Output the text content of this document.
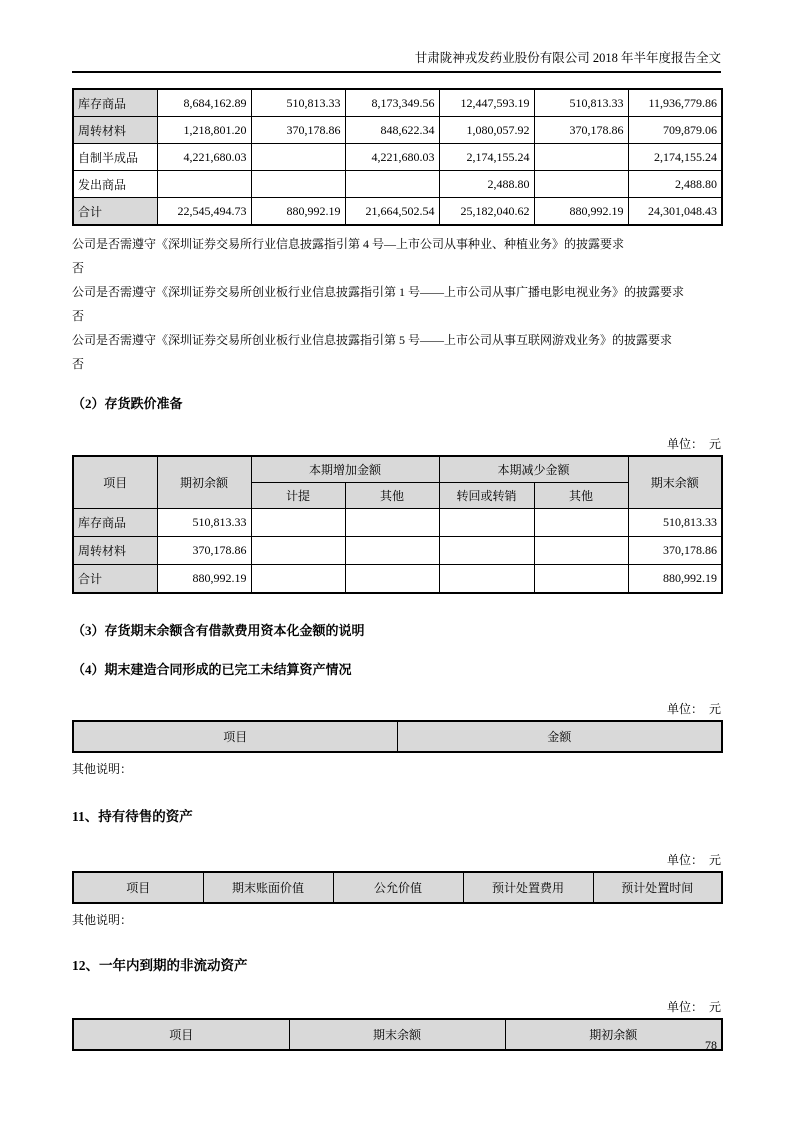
甘肃陇神戎发药业股份有限公司 2018 年半年度报告全文
库存商品	8,684,162.89	510,813.33	8,173,349.56	12,447,593.19	510,813.33	11,936,779.86
周转材料	1,218,801.20	370,178.86	848,622.34	1,080,057.92	370,178.86	709,879.06
自制半成品	4,221,680.03		4,221,680.03	2,174,155.24		2,174,155.24
发出商品				2,488.80		2,488.80
合计	22,545,494.73	880,992.19	21,664,502.54	25,182,040.62	880,992.19	24,301,048.43

公司是否需遵守《深圳证券交易所行业信息披露指引第 4 号—上市公司从事种业、种植业务》的披露要求

否

公司是否需遵守《深圳证券交易所创业板行业信息披露指引第 1 号——上市公司从事广播电影电视业务》的披露要求

否

公司是否需遵守《深圳证券交易所创业板行业信息披露指引第 5 号——上市公司从事互联网游戏业务》的披露要求

否

（2）存货跌价准备

单位：  元

项目	期初余额	本期增加金额		本期减少金额		期末余额
		计提	其他	转回或转销	其他	
库存商品	510,813.33					510,813.33
周转材料	370,178.86					370,178.86
合计	880,992.19					880,992.19

（3）存货期末余额含有借款费用资本化金额的说明

（4）期末建造合同形成的已完工未结算资产情况

单位：  元

项目	金额

其他说明：

11、持有待售的资产

单位：  元

项目	期末账面价值	公允价值	预计处置费用	预计处置时间

其他说明：

12、一年内到期的非流动资产

单位：  元

项目	期末余额	期初余额
78
